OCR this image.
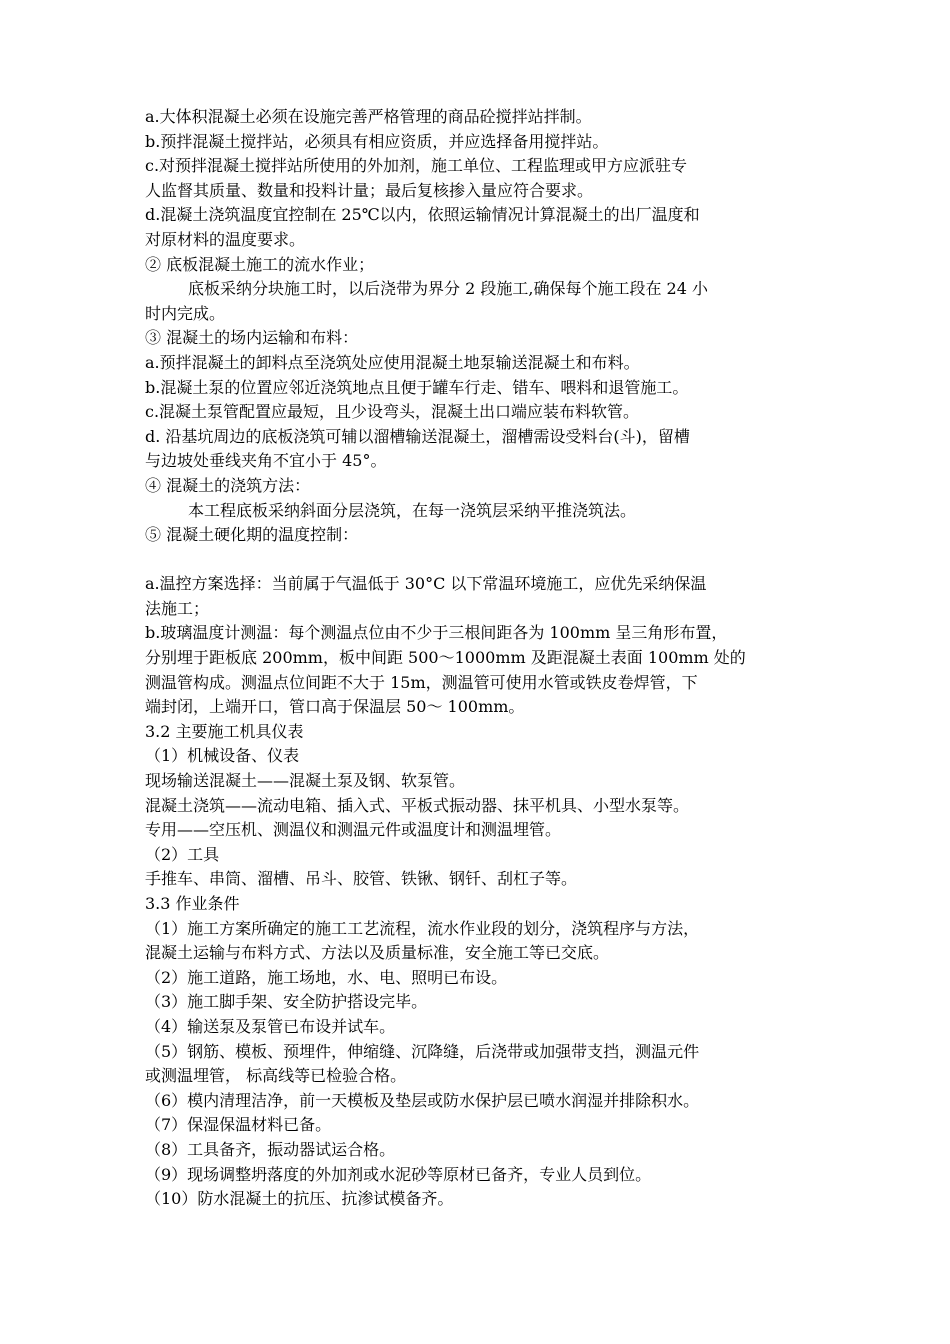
a.大体积混凝土必须在设施完善严格管理的商品砼搅拌站拌制。
b.预拌混凝土搅拌站，必须具有相应资质，并应选择备用搅拌站。
c.对预拌混凝土搅拌站所使用的外加剂，施工单位、工程监理或甲方应派驻专
人监督其质量、数量和投料计量；最后复核掺入量应符合要求。
d.混凝土浇筑温度宜控制在 25℃以内，依照运输情况计算混凝土的出厂温度和
对原材料的温度要求。
② 底板混凝土施工的流水作业；
底板采纳分块施工时，以后浇带为界分 2 段施工,确保每个施工段在 24 小
时内完成。
③ 混凝土的场内运输和布料：
a.预拌混凝土的卸料点至浇筑处应使用混凝土地泵输送混凝土和布料。
b.混凝土泵的位置应邻近浇筑地点且便于罐车行走、错车、喂料和退管施工。
c.混凝土泵管配置应最短，且少设弯头，混凝土出口端应装布料软管。
d. 沿基坑周边的底板浇筑可辅以溜槽输送混凝土，溜槽需设受料台(斗)，留槽
与边坡处垂线夹角不宜小于 45°。
④ 混凝土的浇筑方法：
本工程底板采纳斜面分层浇筑，在每一浇筑层采纳平推浇筑法。
⑤ 混凝土硬化期的温度控制：
a.温控方案选择：当前属于气温低于 30°C 以下常温环境施工，应优先采纳保温
法施工；
b.玻璃温度计测温：每个测温点位由不少于三根间距各为 100mm 呈三角形布置，
分别埋于距板底 200mm，板中间距 500～1000mm 及距混凝土表面 100mm 处的
测温管构成。测温点位间距不大于 15m，测温管可使用水管或铁皮卷焊管，下
端封闭，上端开口，管口高于保温层 50～ 100mm。
3.2 主要施工机具仪表
（1）机械设备、仪表
现场输送混凝土——混凝土泵及钢、软泵管。
混凝土浇筑——流动电箱、插入式、平板式振动器、抹平机具、小型水泵等。
专用——空压机、测温仪和测温元件或温度计和测温埋管。
（2）工具
手推车、串筒、溜槽、吊斗、胶管、铁锹、钢钎、刮杠子等。
3.3 作业条件
（1）施工方案所确定的施工工艺流程，流水作业段的划分，浇筑程序与方法，
混凝土运输与布料方式、方法以及质量标准，安全施工等已交底。
（2）施工道路，施工场地，水、电、照明已布设。
（3）施工脚手架、安全防护搭设完毕。
（4）输送泵及泵管已布设并试车。
（5）钢筋、模板、预埋件，伸缩缝、沉降缝，后浇带或加强带支挡，测温元件
或测温埋管， 标高线等已检验合格。
（6）模内清理洁净，前一天模板及垫层或防水保护层已喷水润湿并排除积水。
（7）保湿保温材料已备。
（8）工具备齐，振动器试运合格。
（9）现场调整坍落度的外加剂或水泥砂等原材已备齐，专业人员到位。
（10）防水混凝土的抗压、抗渗试模备齐。
